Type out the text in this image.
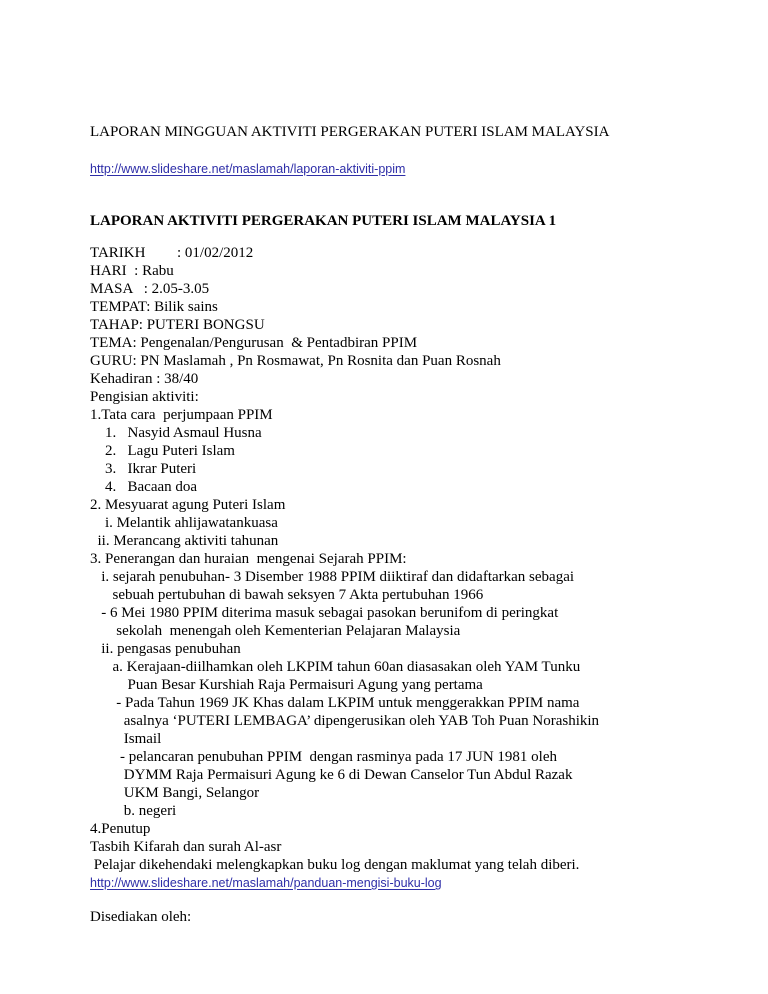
LAPORAN MINGGUAN AKTIVITI PERGERAKAN PUTERI ISLAM MALAYSIA
http://www.slideshare.net/maslamah/laporan-aktiviti-ppim
LAPORAN AKTIVITI PERGERAKAN PUTERI ISLAM MALAYSIA 1
TARIKH	: 01/02/2012
HARI  : Rabu
MASA   : 2.05-3.05
TEMPAT: Bilik sains
TAHAP: PUTERI BONGSU
TEMA: Pengenalan/Pengurusan  & Pentadbiran PPIM
GURU: PN Maslamah , Pn Rosmawat, Pn Rosnita dan Puan Rosnah
Kehadiran : 38/40
Pengisian aktiviti:
1.Tata cara  perjumpaan PPIM
1.   Nasyid Asmaul Husna
2.   Lagu Puteri Islam
3.   Ikrar Puteri
4.   Bacaan doa
2. Mesyuarat agung Puteri Islam
i. Melantik ahlijawatankuasa
ii. Merancang aktiviti tahunan
3. Penerangan dan huraian  mengenai Sejarah PPIM:
i. sejarah penubuhan- 3 Disember 1988 PPIM diiktiraf dan didaftarkan sebagai
sebuah pertubuhan di bawah seksyen 7 Akta pertubuhan 1966
- 6 Mei 1980 PPIM diterima masuk sebagai pasokan berunifom di peringkat
sekolah  menengah oleh Kementerian Pelajaran Malaysia
ii. pengasas penubuhan
a. Kerajaan-diilhamkan oleh LKPIM tahun 60an diasasakan oleh YAM Tunku
Puan Besar Kurshiah Raja Permaisuri Agung yang pertama
- Pada Tahun 1969 JK Khas dalam LKPIM untuk menggerakkan PPIM nama
asalnya ‘PUTERI LEMBAGA’ dipengerusikan oleh YAB Toh Puan Norashikin
Ismail
- pelancaran penubuhan PPIM  dengan rasminya pada 17 JUN 1981 oleh
DYMM Raja Permaisuri Agung ke 6 di Dewan Canselor Tun Abdul Razak
UKM Bangi, Selangor
b. negeri
4.Penutup
Tasbih Kifarah dan surah Al-asr
Pelajar dikehendaki melengkapkan buku log dengan maklumat yang telah diberi.
http://www.slideshare.net/maslamah/panduan-mengisi-buku-log
Disediakan oleh:
